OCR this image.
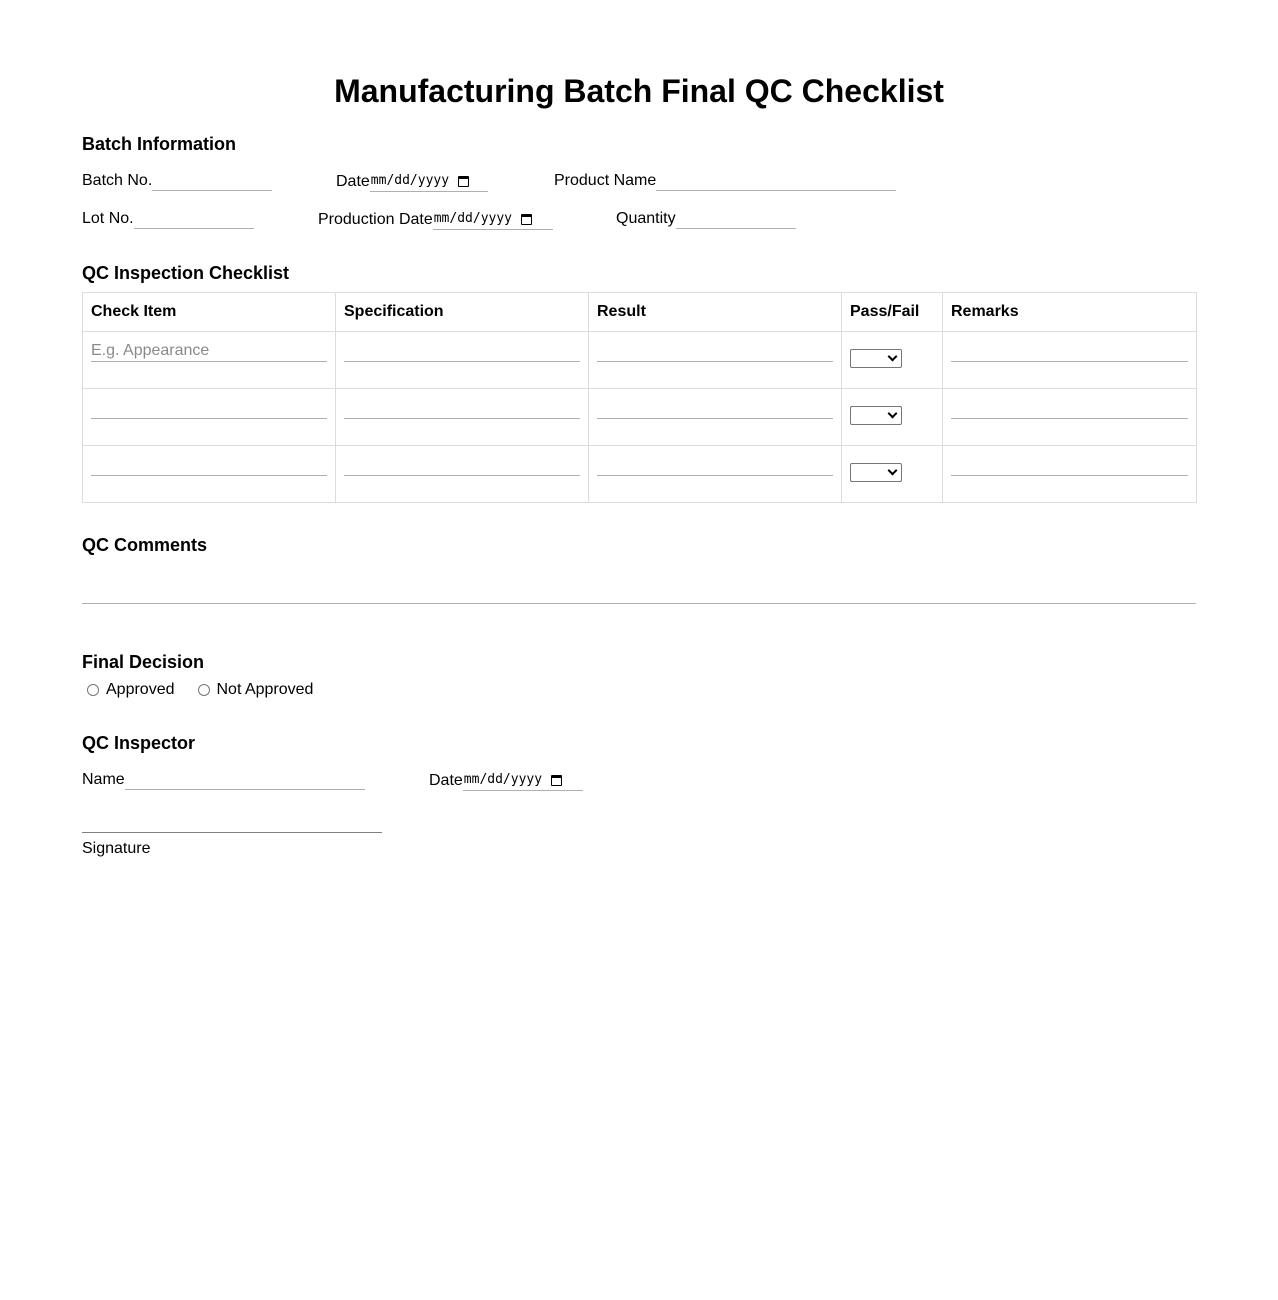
Manufacturing Batch Final QC Checklist
Batch Information
Batch No.	Date mm/dd/yyyy	Product Name
Lot No.	Production Date mm/dd/yyyy	Quantity
QC Inspection Checklist
Check Item	Specification	Result	Pass/Fail	Remarks
E.g. Appearance			

QC Comments
Final Decision
Approved	Not Approved
QC Inspector
Name	Date mm/dd/yyyy
Signature
